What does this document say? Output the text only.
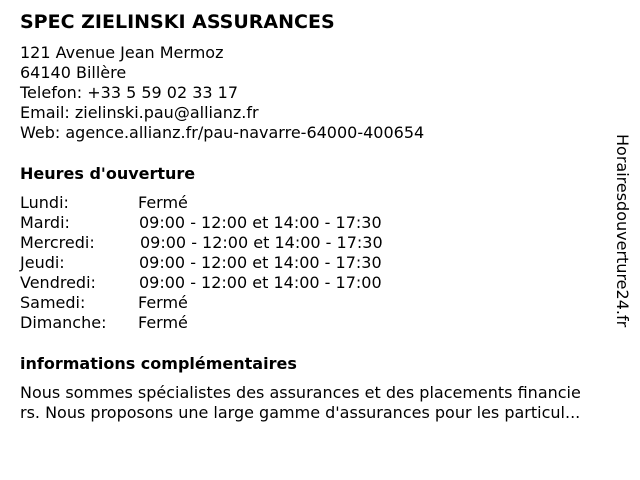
SPEC ZIELINSKI ASSURANCES
121 Avenue Jean Mermoz
64140 Billère
Telefon: +33 5 59 02 33 17
Email: zielinski.pau@allianz.fr
Web: agence.allianz.fr/pau-navarre-64000-400654
Heures d'ouverture
Lundi:	Fermé
Mardi:	09:00 - 12:00 et 14:00 - 17:30
Mercredi:	09:00 - 12:00 et 14:00 - 17:30
Jeudi:	09:00 - 12:00 et 14:00 - 17:30
Vendredi:	09:00 - 12:00 et 14:00 - 17:00
Samedi:	Fermé
Dimanche: Fermé
informations complémentaires
Nous sommes spécialistes des assurances et des placements financie
rs. Nous proposons une large gamme d'assurances pour les particul...
Horairesdouverture24.fr
